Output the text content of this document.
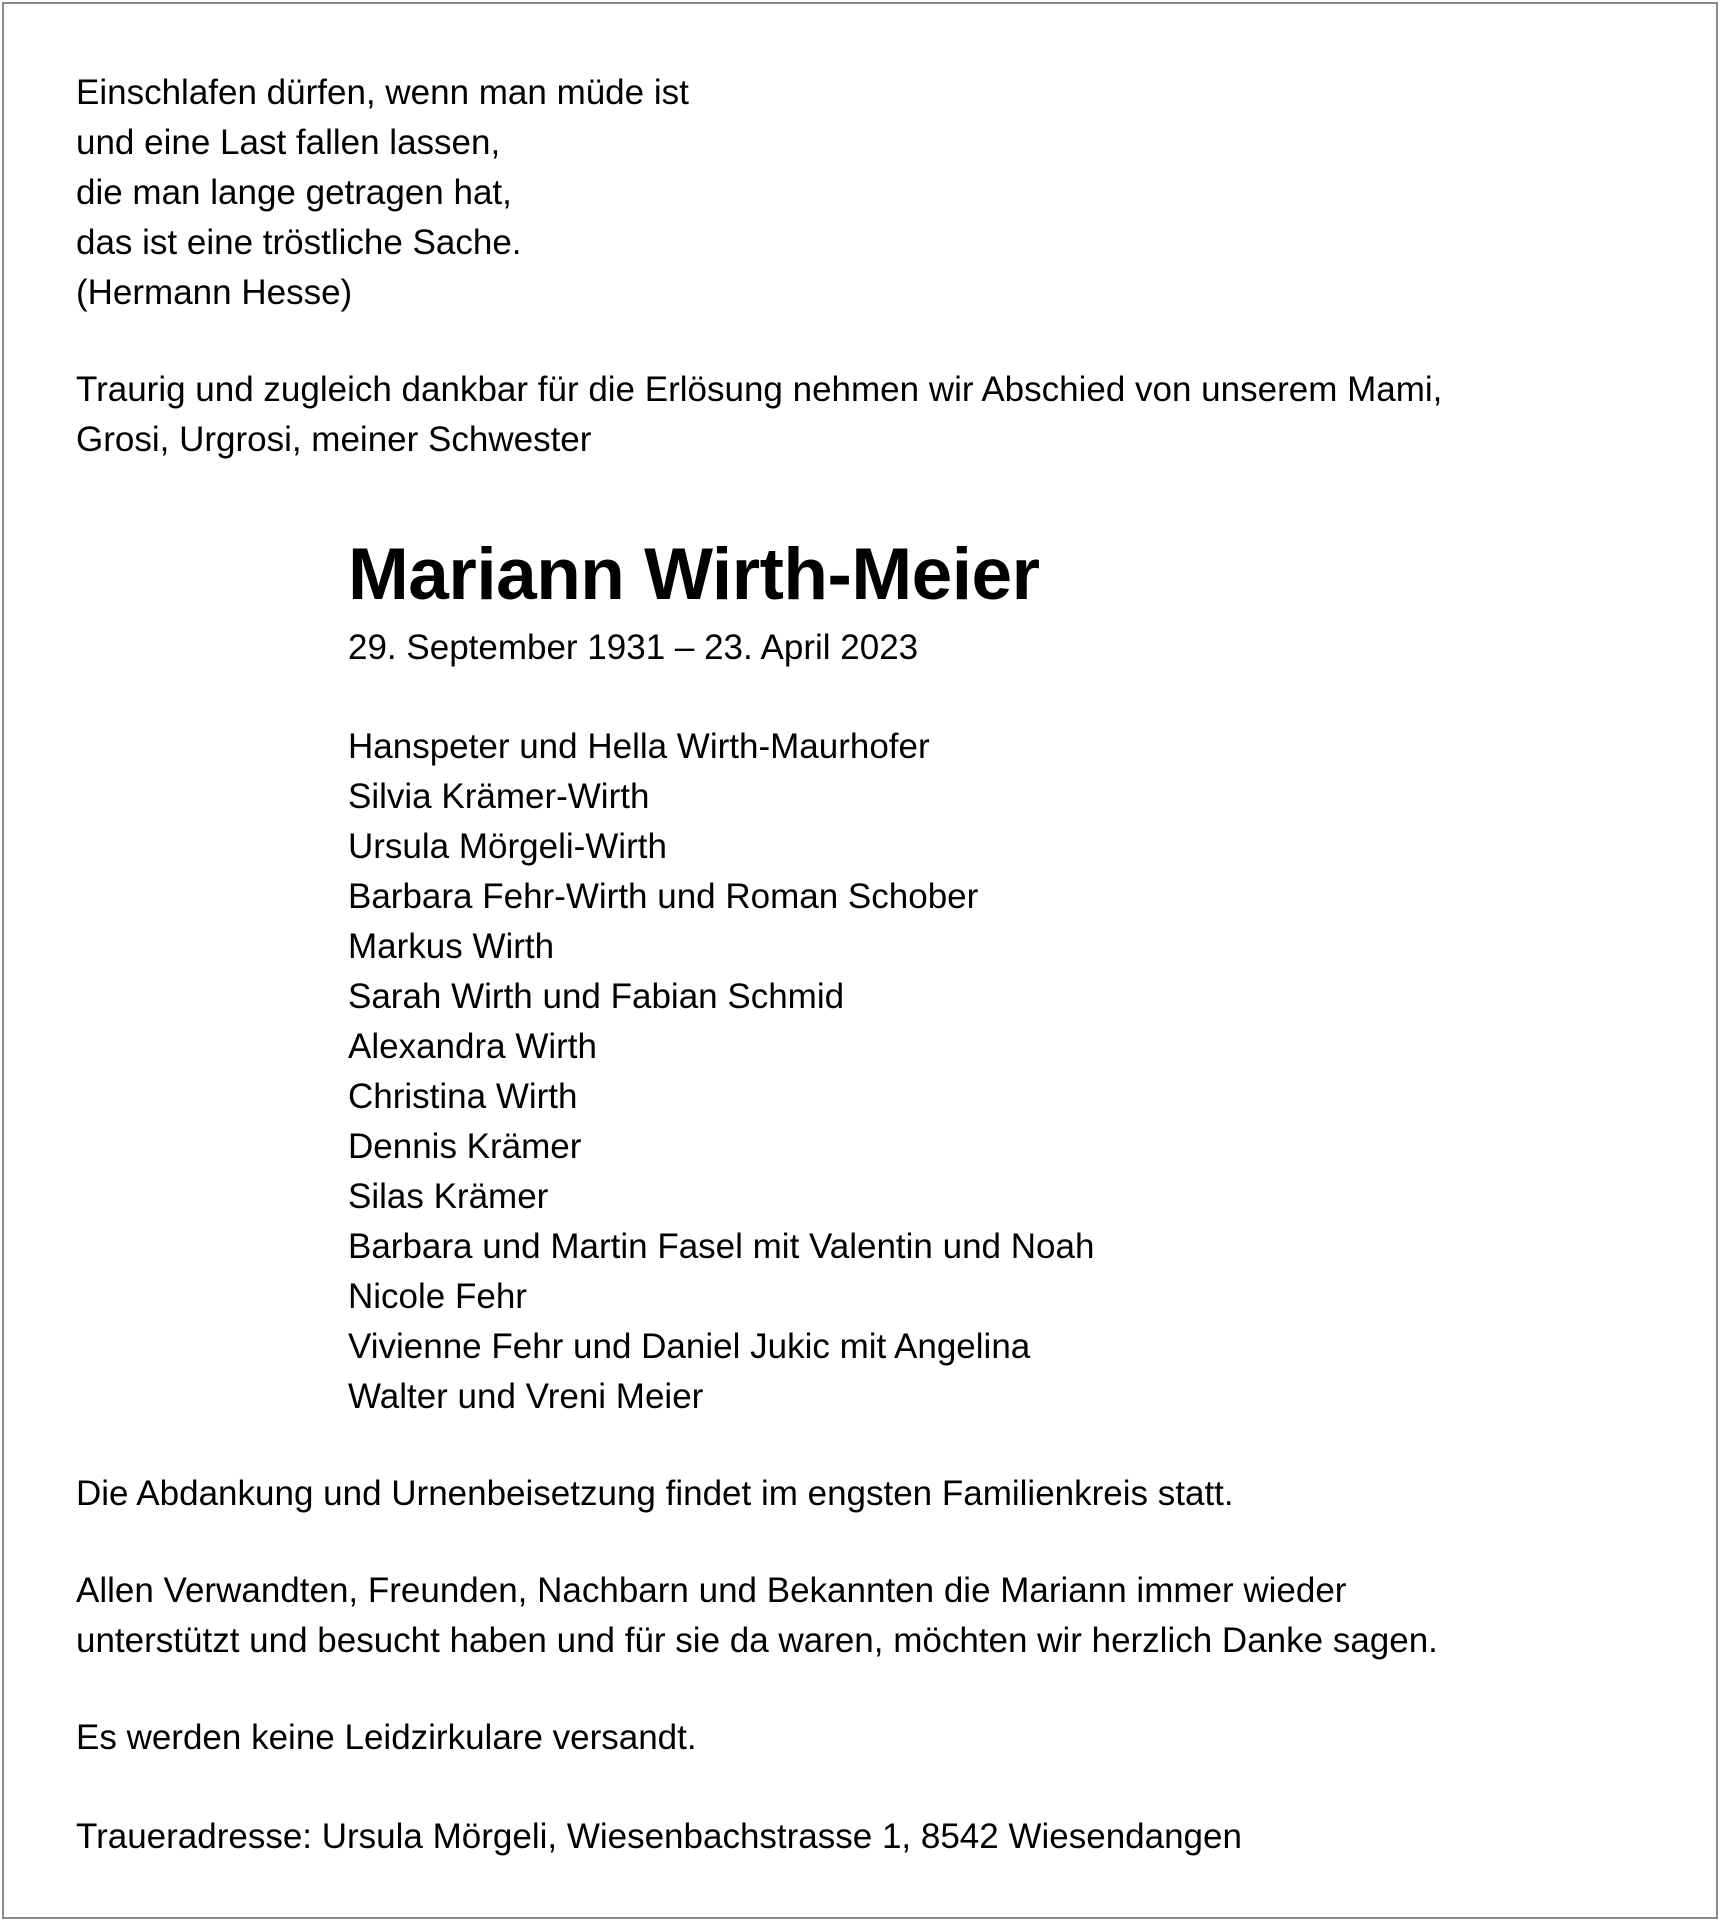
Einschlafen dürfen, wenn man müde ist
und eine Last fallen lassen,
die man lange getragen hat,
das ist eine tröstliche Sache.
(Hermann Hesse)
Traurig und zugleich dankbar für die Erlösung nehmen wir Abschied von unserem Mami,
Grosi, Urgrosi, meiner Schwester
Mariann Wirth-Meier
29. September 1931 – 23. April 2023
Hanspeter und Hella Wirth-Maurhofer
Silvia Krämer-Wirth
Ursula Mörgeli-Wirth
Barbara Fehr-Wirth und Roman Schober
Markus Wirth
Sarah Wirth und Fabian Schmid
Alexandra Wirth
Christina Wirth
Dennis Krämer
Silas Krämer
Barbara und Martin Fasel mit Valentin und Noah
Nicole Fehr
Vivienne Fehr und Daniel Jukic mit Angelina
Walter und Vreni Meier
Die Abdankung und Urnenbeisetzung findet im engsten Familienkreis statt.
Allen Verwandten, Freunden, Nachbarn und Bekannten die Mariann immer wieder
unterstützt und besucht haben und für sie da waren, möchten wir herzlich Danke sagen.
Es werden keine Leidzirkulare versandt.
Traueradresse: Ursula Mörgeli, Wiesenbachstrasse 1, 8542 Wiesendangen
